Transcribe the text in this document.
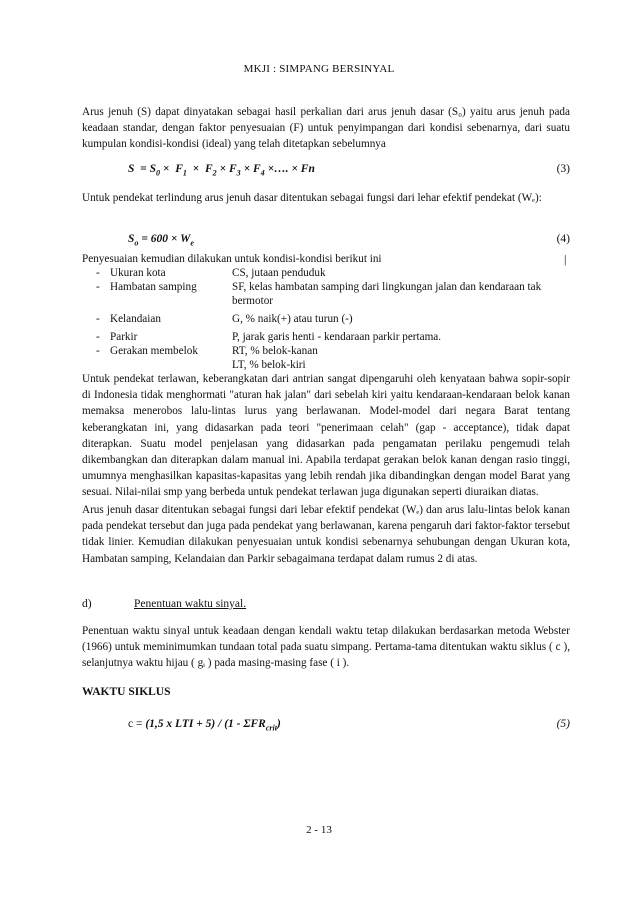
MKJI : SIMPANG BERSINYAL

Arus jenuh (S) dapat dinyatakan sebagai hasil perkalian dari arus jenuh dasar (S₀) yaitu arus jenuh pada keadaan standar, dengan faktor penyesuaian (F) untuk penyimpangan dari kondisi sebenarnya, dari suatu kumpulan kondisi-kondisi (ideal) yang telah ditetapkan sebelumnya

$S = S_0 \times F_1 \times F_2 \times F_3 \times F_4$ ×…. × Fn	(3)

Untuk pendekat terlindung arus jenuh dasar ditentukan sebagai fungsi dari lehar efektif pendekat (Wₑ):

$S_o = 600 \times W_e$	(4)

Penyesuaian kemudian dilakukan untuk kondisi-kondisi berikut ini	|
- Ukuran kota	CS, jutaan penduduk
- Hambatan samping	SF, kelas hambatan samping dari lingkungan jalan dan kendaraan tak
bermotor
- Kelandaian	G, % naik(+) atau turun (-)
- Parkir	P, jarak garis henti - kendaraan parkir pertama.
- Gerakan membelok	RT, % belok-kanan
LT, % belok-kiri

Untuk pendekat terlawan, keberangkatan dari antrian sangat dipengaruhi oleh kenyataan bahwa sopir-sopir di Indonesia tidak menghormati "aturan hak jalan" dari sebelah kiri yaitu kendaraan-kendaraan belok kanan memaksa menerobos lalu-lintas lurus yang berlawanan. Model-model dari negara Barat tentang keberangkatan ini, yang didasarkan pada teori "penerimaan celah" (gap - acceptance), tidak dapat diterapkan. Suatu model penjelasan yang didasarkan pada pengamatan perilaku pengemudi telah dikembangkan dan diterapkan dalam manual ini. Apabila terdapat gerakan belok kanan dengan rasio tinggi, umumnya menghasilkan kapasitas-kapasitas yang lebih rendah jika dibandingkan dengan model Barat yang sesuai. Nilai-nilai smp yang berbeda untuk pendekat terlawan juga digunakan seperti diuraikan diatas.

Arus jenuh dasar ditentukan sebagai fungsi dari lebar efektif pendekat (Wₑ) dan arus lalu-lintas belok kanan pada pendekat tersebut dan juga pada pendekat yang berlawanan, karena pengaruh dari faktor-faktor tersebut tidak linier. Kemudian dilakukan penyesuaian untuk kondisi sebenarnya sehubungan dengan Ukuran kota, Hambatan samping, Kelandaian dan Parkir sebagaimana terdapat dalam rumus 2 di atas.

d)	Penentuan waktu sinyal.

Penentuan waktu sinyal untuk keadaan dengan kendali waktu tetap dilakukan berdasarkan metoda Webster (1966) untuk meminimumkan tundaan total pada suatu simpang. Pertama-tama ditentukan waktu siklus ( c ), selanjutnya waktu hijau ( gᵢ ) pada masing-masing fase ( i ).

WAKTU SIKLUS
c = (1,5 x LTI + $5) / (1 - \Sigma FR_{crit})$	(5)
2 - 13
